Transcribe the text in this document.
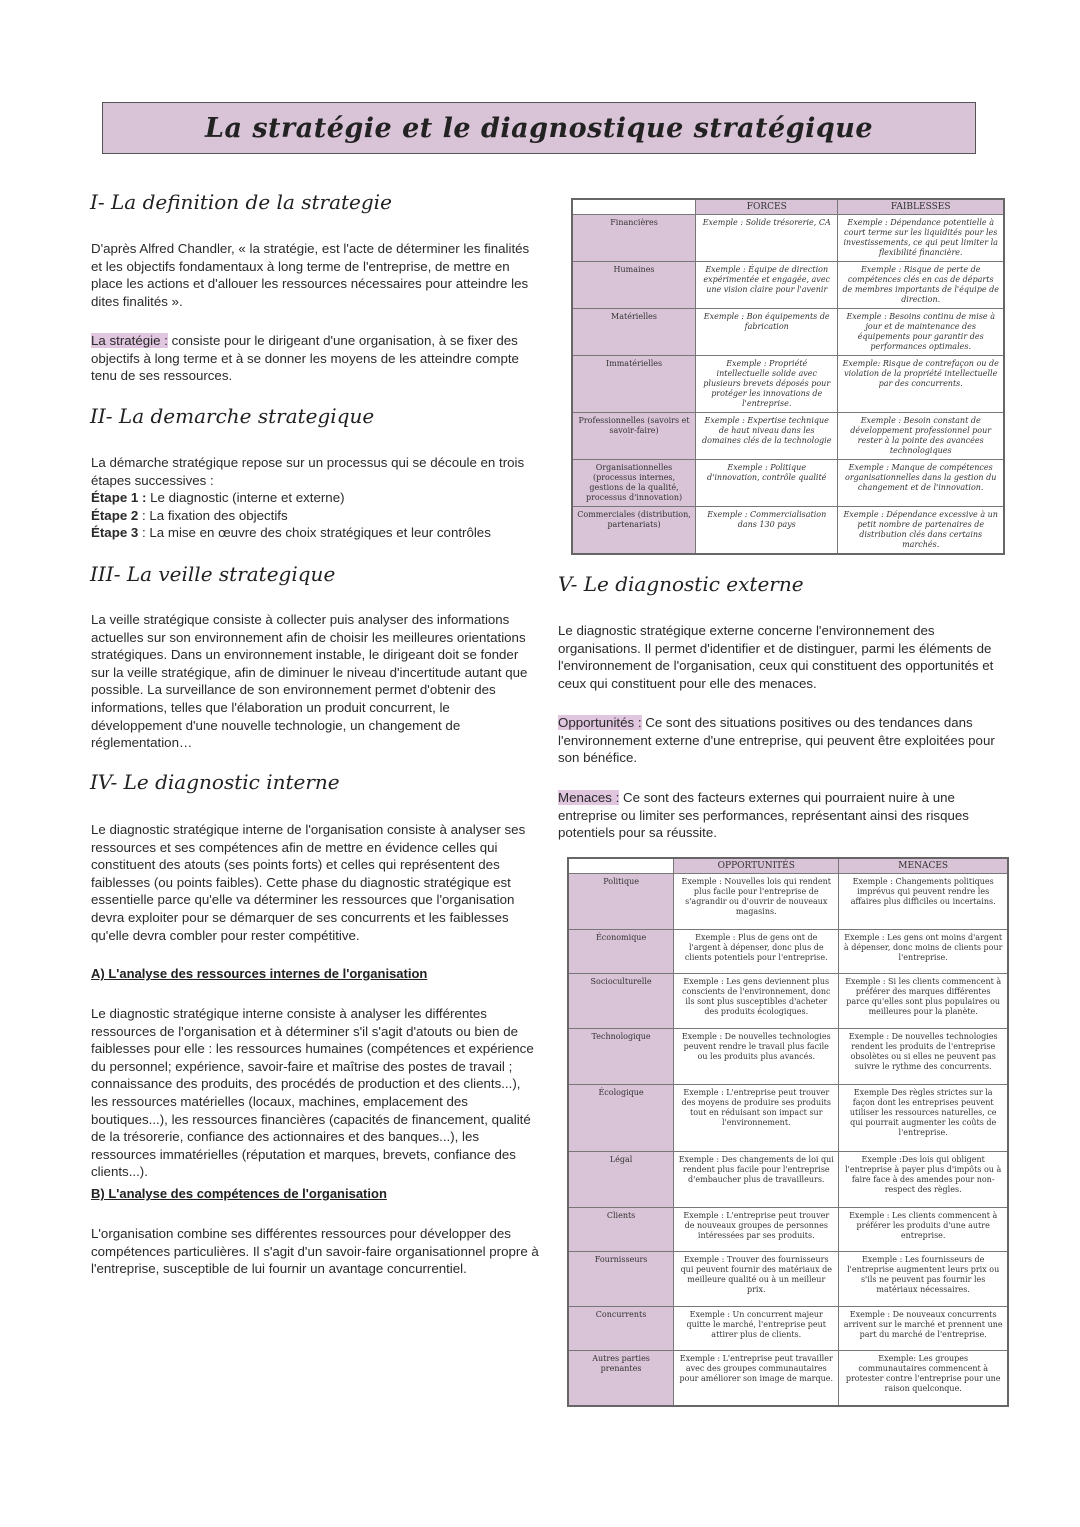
La stratégie et le diagnostique stratégique
I- La definition de la strategie

D'après Alfred Chandler, « la stratégie, est l'acte de déterminer les finalités et les objectifs fondamentaux à long terme de l'entreprise, de mettre en place les actions et d'allouer les ressources nécessaires pour atteindre les dites finalités ».

La stratégie : consiste pour le dirigeant d'une organisation, à se fixer des objectifs à long terme et à se donner les moyens de les atteindre compte tenu de ses ressources.

II- La demarche strategique

La démarche stratégique repose sur un processus qui se découle en trois étapes successives :

Étape 1 : Le diagnostic (interne et externe)
Étape 2 : La fixation des objectifs
Étape 3 : La mise en œuvre des choix stratégiques et leur contrôles
III- La veille strategique

La veille stratégique consiste à collecter puis analyser des informations actuelles sur son environnement afin de choisir les meilleures orientations stratégiques. Dans un environnement instable, le dirigeant doit se fonder sur la veille stratégique, afin de diminuer le niveau d'incertitude autant que possible. La surveillance de son environnement permet d'obtenir des informations, telles que l'élaboration un produit concurrent, le développement d'une nouvelle technologie, un changement de réglementation…

IV- Le diagnostic interne

Le diagnostic stratégique interne de l'organisation consiste à analyser ses ressources et ses compétences afin de mettre en évidence celles qui constituent des atouts (ses points forts) et celles qui représentent des faiblesses (ou points faibles). Cette phase du diagnostic stratégique est essentielle parce qu'elle va déterminer les ressources que l'organisation devra exploiter pour se démarquer de ses concurrents et les faiblesses qu'elle devra combler pour rester compétitive.

A) L'analyse des ressources internes de l'organisation

Le diagnostic stratégique interne consiste à analyser les différentes ressources de l'organisation et à déterminer s'il s'agit d'atouts ou bien de faiblesses pour elle : les ressources humaines (compétences et expérience du personnel; expérience, savoir-faire et maîtrise des postes de travail ; connaissance des produits, des procédés de production et des clients...), les ressources matérielles (locaux, machines, emplacement des boutiques...), les ressources financières (capacités de financement, qualité de la trésorerie, confiance des actionnaires et des banques...), les ressources immatérielles (réputation et marques, brevets, confiance des clients...).

B) L'analyse des compétences de l'organisation

L'organisation combine ses différentes ressources pour développer des compétences particulières. Il s'agit d'un savoir-faire organisationnel propre à l'entreprise, susceptible de lui fournir un avantage concurrentiel.

	FORCES	FAIBLESSES
Financières	Exemple : Solide trésorerie, CA	Exemple : Dépendance potentielle à court terme sur les liquidités pour les investissements, ce qui peut limiter la flexibilité financière.
Humaines	Exemple : Équipe de direction expérimentée et engagée, avec une vision claire pour l'avenir	Exemple : Risque de perte de compétences clés en cas de départs de membres importants de l'équipe de direction.
Matérielles	Exemple : Bon équipements de fabrication	Exemple : Besoins continu de mise à jour et de maintenance des équipements pour garantir des performances optimales.
Immatérielles	Exemple : Propriété intellectuelle solide avec plusieurs brevets déposés pour protéger les innovations de l'entreprise.	Exemple: Risque de contrefaçon ou de violation de la propriété intellectuelle par des concurrents.
Professionnelles (savoirs et savoir-faire)	Exemple : Expertise technique de haut niveau dans les domaines clés de la technologie	Exemple : Besoin constant de développement professionnel pour rester à la pointe des avancées technologiques
Organisationnelles (processus internes, gestions de la qualité, processus d'innovation)	Exemple : Politique d'innovation, contrôle qualité	Exemple : Manque de compétences organisationnelles dans la gestion du changement et de l'innovation.
Commerciales (distribution, partenariats)	Exemple : Commercialisation dans 130 pays	Exemple : Dépendance excessive à un petit nombre de partenaires de distribution clés dans certains marchés.
V- Le diagnostic externe

Le diagnostic stratégique externe concerne l'environnement des organisations. Il permet d'identifier et de distinguer, parmi les éléments de l'environnement de l'organisation, ceux qui constituent des opportunités et ceux qui constituent pour elle des menaces.

Opportunités : Ce sont des situations positives ou des tendances dans l'environnement externe d'une entreprise, qui peuvent être exploitées pour son bénéfice.

Menaces : Ce sont des facteurs externes qui pourraient nuire à une entreprise ou limiter ses performances, représentant ainsi des risques potentiels pour sa réussite.

	OPPORTUNITÉS	MENACES
Politique	Exemple : Nouvelles lois qui rendent plus facile pour l'entreprise de s'agrandir ou d'ouvrir de nouveaux magasins.	Exemple : Changements politiques imprévus qui peuvent rendre les affaires plus difficiles ou incertains.
Économique	Exemple : Plus de gens ont de l'argent à dépenser, donc plus de clients potentiels pour l'entreprise.	Exemple : Les gens ont moins d'argent à dépenser, donc moins de clients pour l'entreprise.
Socioculturelle	Exemple : Les gens deviennent plus conscients de l'environnement, donc ils sont plus susceptibles d'acheter des produits écologiques.	Exemple : Si les clients commencent à préférer des marques différentes parce qu'elles sont plus populaires ou meilleures pour la planète.
Technologique	Exemple : De nouvelles technologies peuvent rendre le travail plus facile ou les produits plus avancés.	Exemple : De nouvelles technologies rendent les produits de l'entreprise obsolètes ou si elles ne peuvent pas suivre le rythme des concurrents.
Écologique	Exemple : L'entreprise peut trouver des moyens de produire ses produits tout en réduisant son impact sur l'environnement.	Exemple Des règles strictes sur la façon dont les entreprises peuvent utiliser les ressources naturelles, ce qui pourrait augmenter les coûts de l'entreprise.
Légal	Exemple : Des changements de loi qui rendent plus facile pour l'entreprise d'embaucher plus de travailleurs.	Exemple :Des lois qui obligent l'entreprise à payer plus d'impôts ou à faire face à des amendes pour non-respect des règles.
Clients	Exemple : L'entreprise peut trouver de nouveaux groupes de personnes intéressées par ses produits.	Exemple : Les clients commencent à préférer les produits d'une autre entreprise.
Fournisseurs	Exemple : Trouver des fournisseurs qui peuvent fournir des matériaux de meilleure qualité ou à un meilleur prix.	Exemple : Les fournisseurs de l'entreprise augmentent leurs prix ou s'ils ne peuvent pas fournir les matériaux nécessaires.
Concurrents	Exemple : Un concurrent majeur quitte le marché, l'entreprise peut attirer plus de clients.	Exemple : De nouveaux concurrents arrivent sur le marché et prennent une part du marché de l'entreprise.
Autres parties prenantes	Exemple : L'entreprise peut travailler avec des groupes communautaires pour améliorer son image de marque.	Exemple: Les groupes communautaires commencent à protester contre l'entreprise pour une raison quelconque.
